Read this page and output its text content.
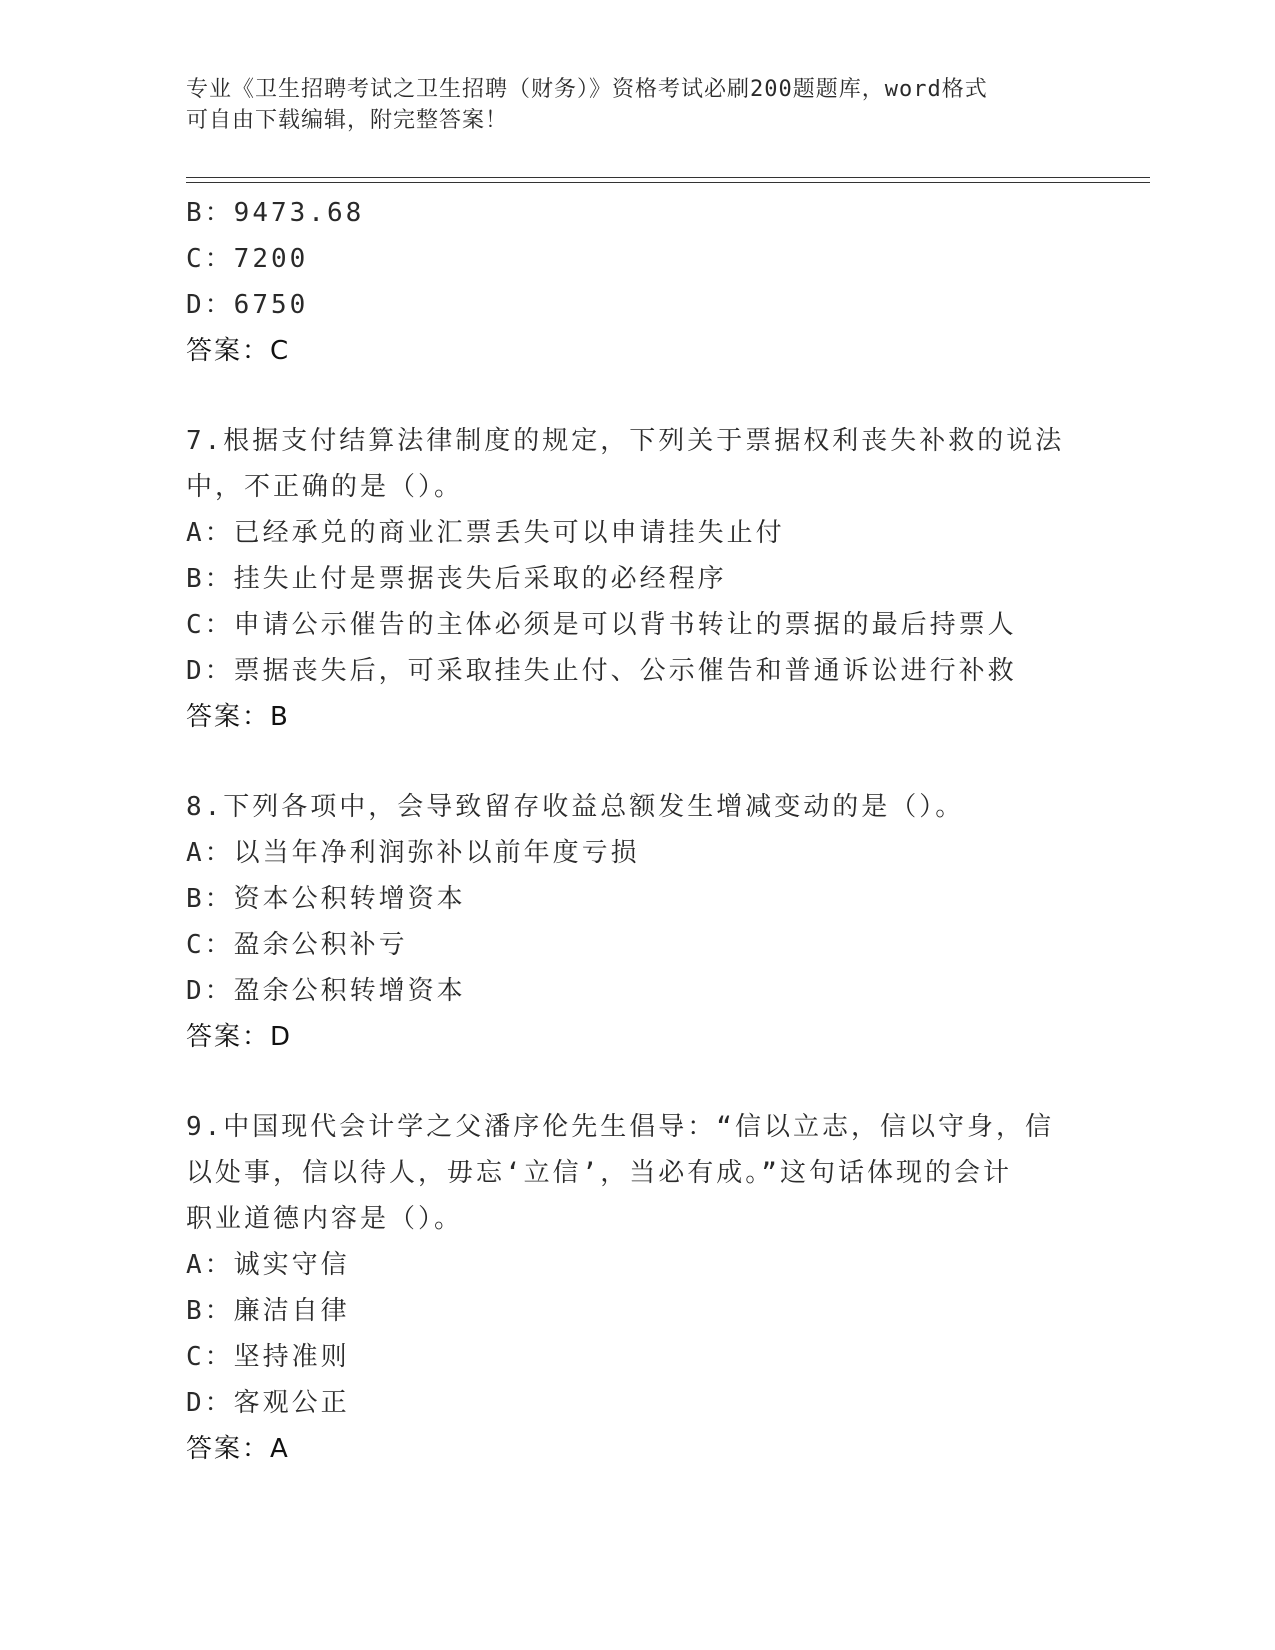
专业《卫生招聘考试之卫生招聘（财务）》资格考试必刷200题题库，word格式
可自由下载编辑，附完整答案！
B：9473.68
C：7200
D：6750
答案：C
7.根据支付结算法律制度的规定，下列关于票据权利丧失补救的说法
中，不正确的是（）。
A：已经承兑的商业汇票丢失可以申请挂失止付
B：挂失止付是票据丧失后采取的必经程序
C：申请公示催告的主体必须是可以背书转让的票据的最后持票人
D：票据丧失后，可采取挂失止付、公示催告和普通诉讼进行补救
答案：B
8.下列各项中，会导致留存收益总额发生增减变动的是（）。
A：以当年净利润弥补以前年度亏损
B：资本公积转增资本
C：盈余公积补亏
D：盈余公积转增资本
答案：D
9.中国现代会计学之父潘序伦先生倡导：“信以立志，信以守身，信
以处事，信以待人，毋忘‘立信’，当必有成。”这句话体现的会计
职业道德内容是（）。
A：诚实守信
B：廉洁自律
C：坚持准则
D：客观公正
答案：A
